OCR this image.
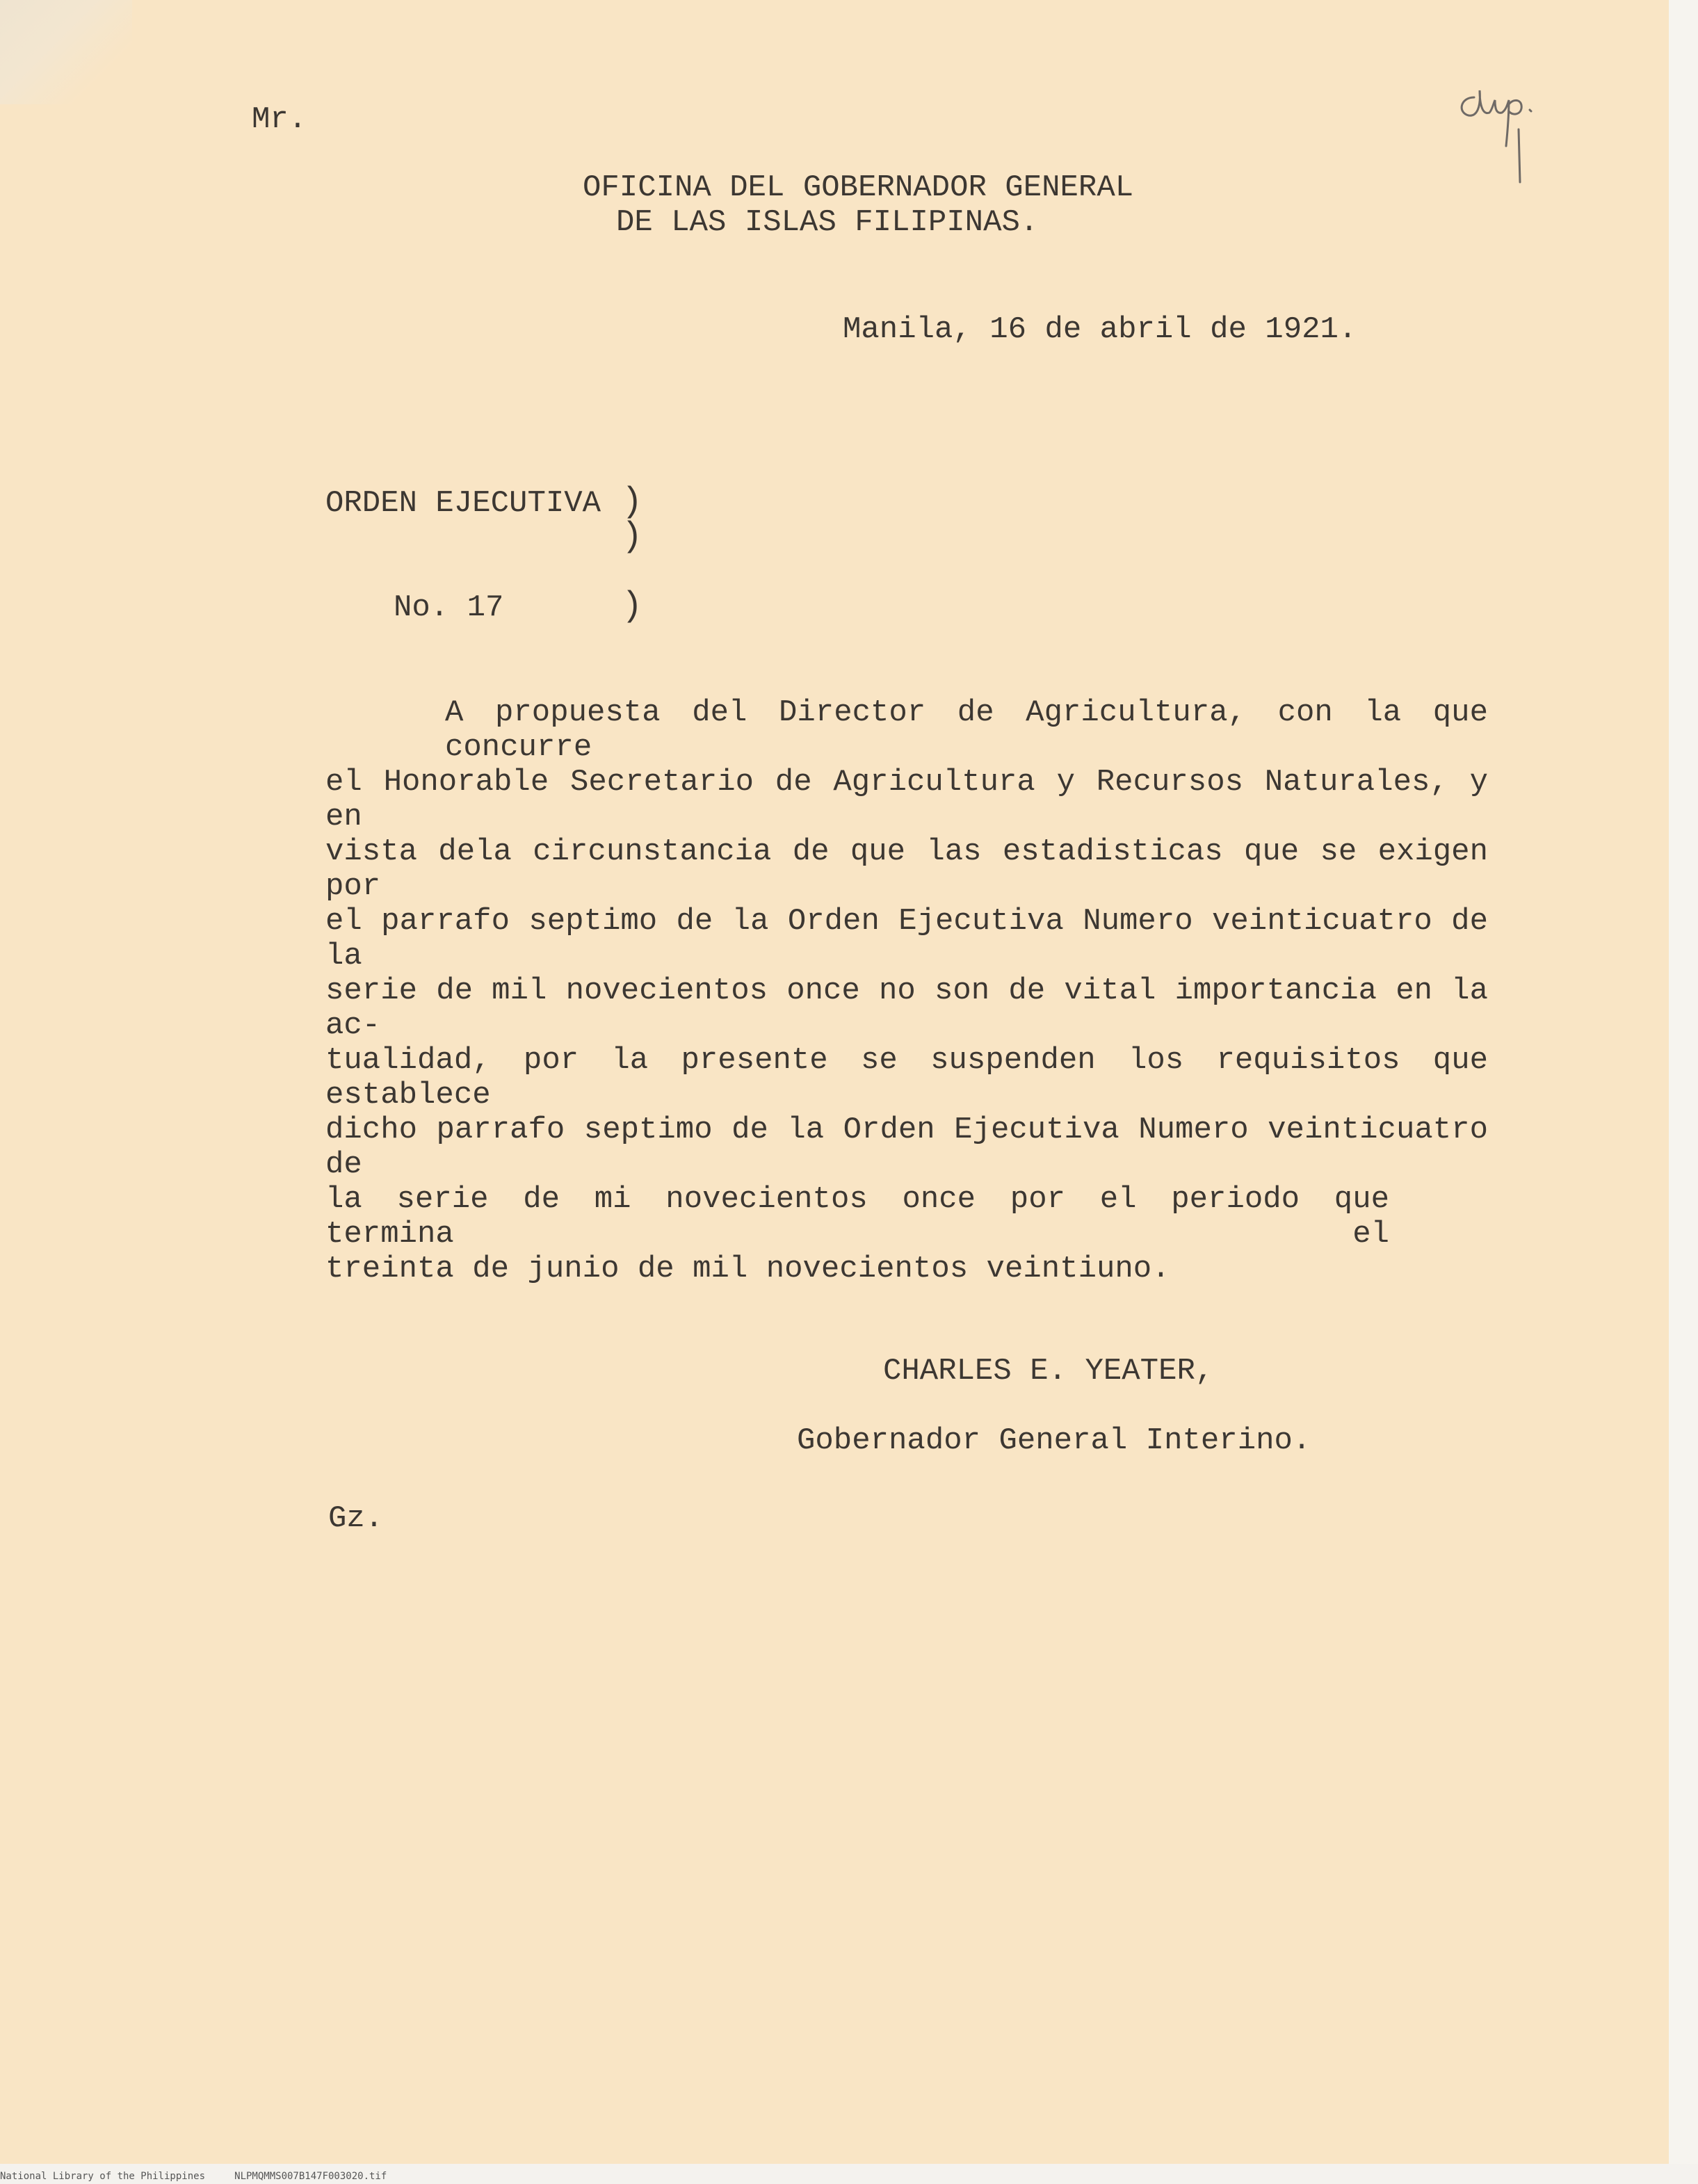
Mr.
OFICINA DEL GOBERNADOR GENERAL
DE LAS ISLAS FILIPINAS.
Manila, 16 de abril de 1921.
ORDEN EJECUTIVA )
)
No. 17	)
A propuesta del Director de Agricultura, con la que concurre
el Honorable Secretario de Agricultura y Recursos Naturales, y en
vista dela circunstancia de que las estadisticas que se exigen por
el parrafo septimo de la Orden Ejecutiva Numero veinticuatro de la
serie de mil novecientos once no son de vital importancia en la ac-
tualidad, por la presente se suspenden los requisitos que establece
dicho parrafo septimo de la Orden Ejecutiva Numero veinticuatro de
la serie de mi novecientos once por el periodo que termina el
treinta de junio de mil novecientos veintiuno.
CHARLES E. YEATER,
Gobernador General Interino.
Gz.
National Library of the Philippines     NLPMQMMS007B147F003020.tif
